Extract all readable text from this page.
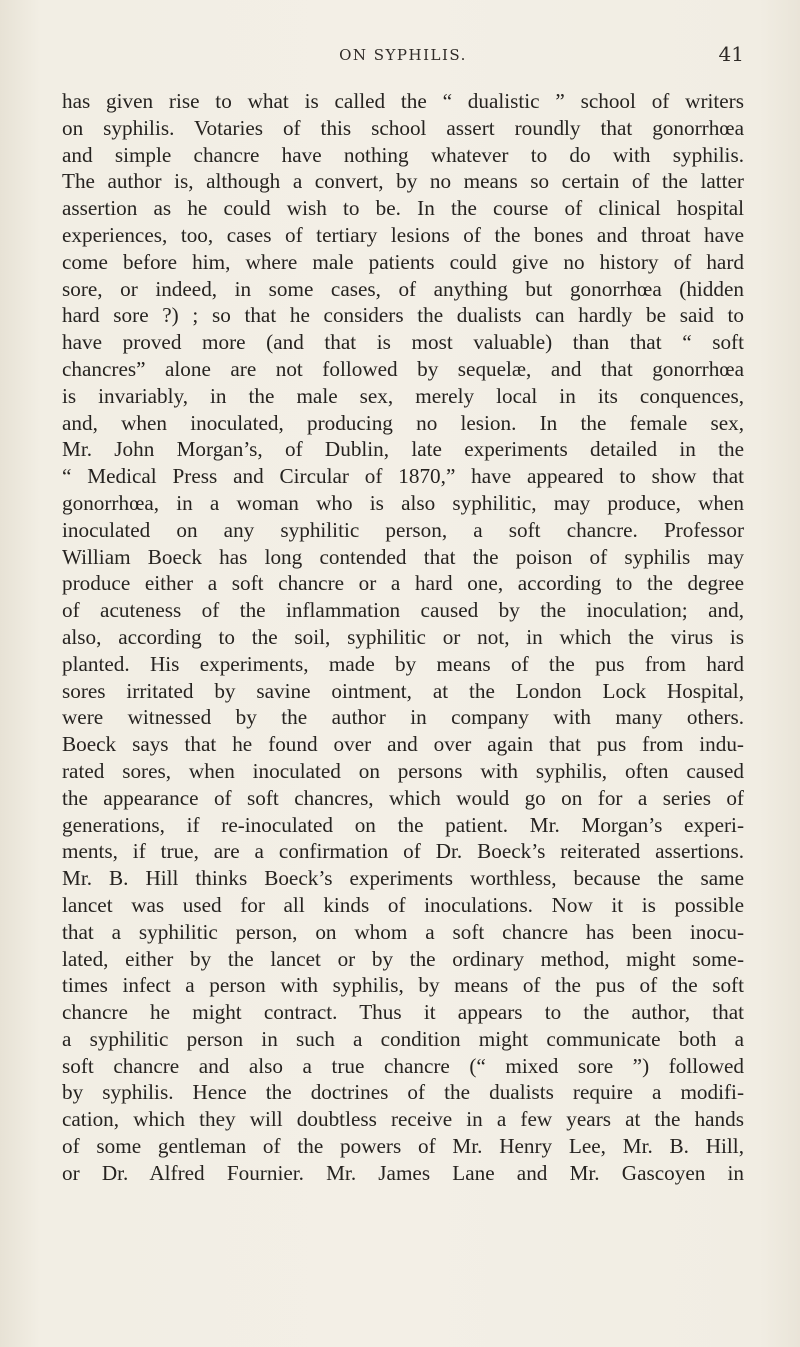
ON SYPHILIS.	41
has given rise to what is called the “ dualistic ” school of writers
on syphilis. Votaries of this school assert roundly that gonorrhœa
and simple chancre have nothing whatever to do with syphilis.
The author is, although a convert, by no means so certain of the latter
assertion as he could wish to be. In the course of clinical hospital
experiences, too, cases of tertiary lesions of the bones and throat have
come before him, where male patients could give no history of hard
sore, or indeed, in some cases, of anything but gonorrhœa (hidden
hard sore ?) ; so that he considers the dualists can hardly be said to
have proved more (and that is most valuable) than that “ soft
chancres” alone are not followed by sequelæ, and that gonorrhœa
is invariably, in the male sex, merely local in its conquences,
and, when inoculated, producing no lesion. In the female sex,
Mr. John Morgan’s, of Dublin, late experiments detailed in the
“ Medical Press and Circular of 1870,” have appeared to show that
gonorrhœa, in a woman who is also syphilitic, may produce, when
inoculated on any syphilitic person, a soft chancre. Professor
William Boeck has long contended that the poison of syphilis may
produce either a soft chancre or a hard one, according to the degree
of acuteness of the inflammation caused by the inoculation; and,
also, according to the soil, syphilitic or not, in which the virus is
planted. His experiments, made by means of the pus from hard
sores irritated by savine ointment, at the London Lock Hospital,
were witnessed by the author in company with many others.
Boeck says that he found over and over again that pus from indu-
rated sores, when inoculated on persons with syphilis, often caused
the appearance of soft chancres, which would go on for a series of
generations, if re-inoculated on the patient. Mr. Morgan’s experi-
ments, if true, are a confirmation of Dr. Boeck’s reiterated assertions.
Mr. B. Hill thinks Boeck’s experiments worthless, because the same
lancet was used for all kinds of inoculations. Now it is possible
that a syphilitic person, on whom a soft chancre has been inocu-
lated, either by the lancet or by the ordinary method, might some-
times infect a person with syphilis, by means of the pus of the soft
chancre he might contract. Thus it appears to the author, that
a syphilitic person in such a condition might communicate both a
soft chancre and also a true chancre (“ mixed sore ”) followed
by syphilis. Hence the doctrines of the dualists require a modifi-
cation, which they will doubtless receive in a few years at the hands
of some gentleman of the powers of Mr. Henry Lee, Mr. B. Hill,
or Dr. Alfred Fournier. Mr. James Lane and Mr. Gascoyen in
